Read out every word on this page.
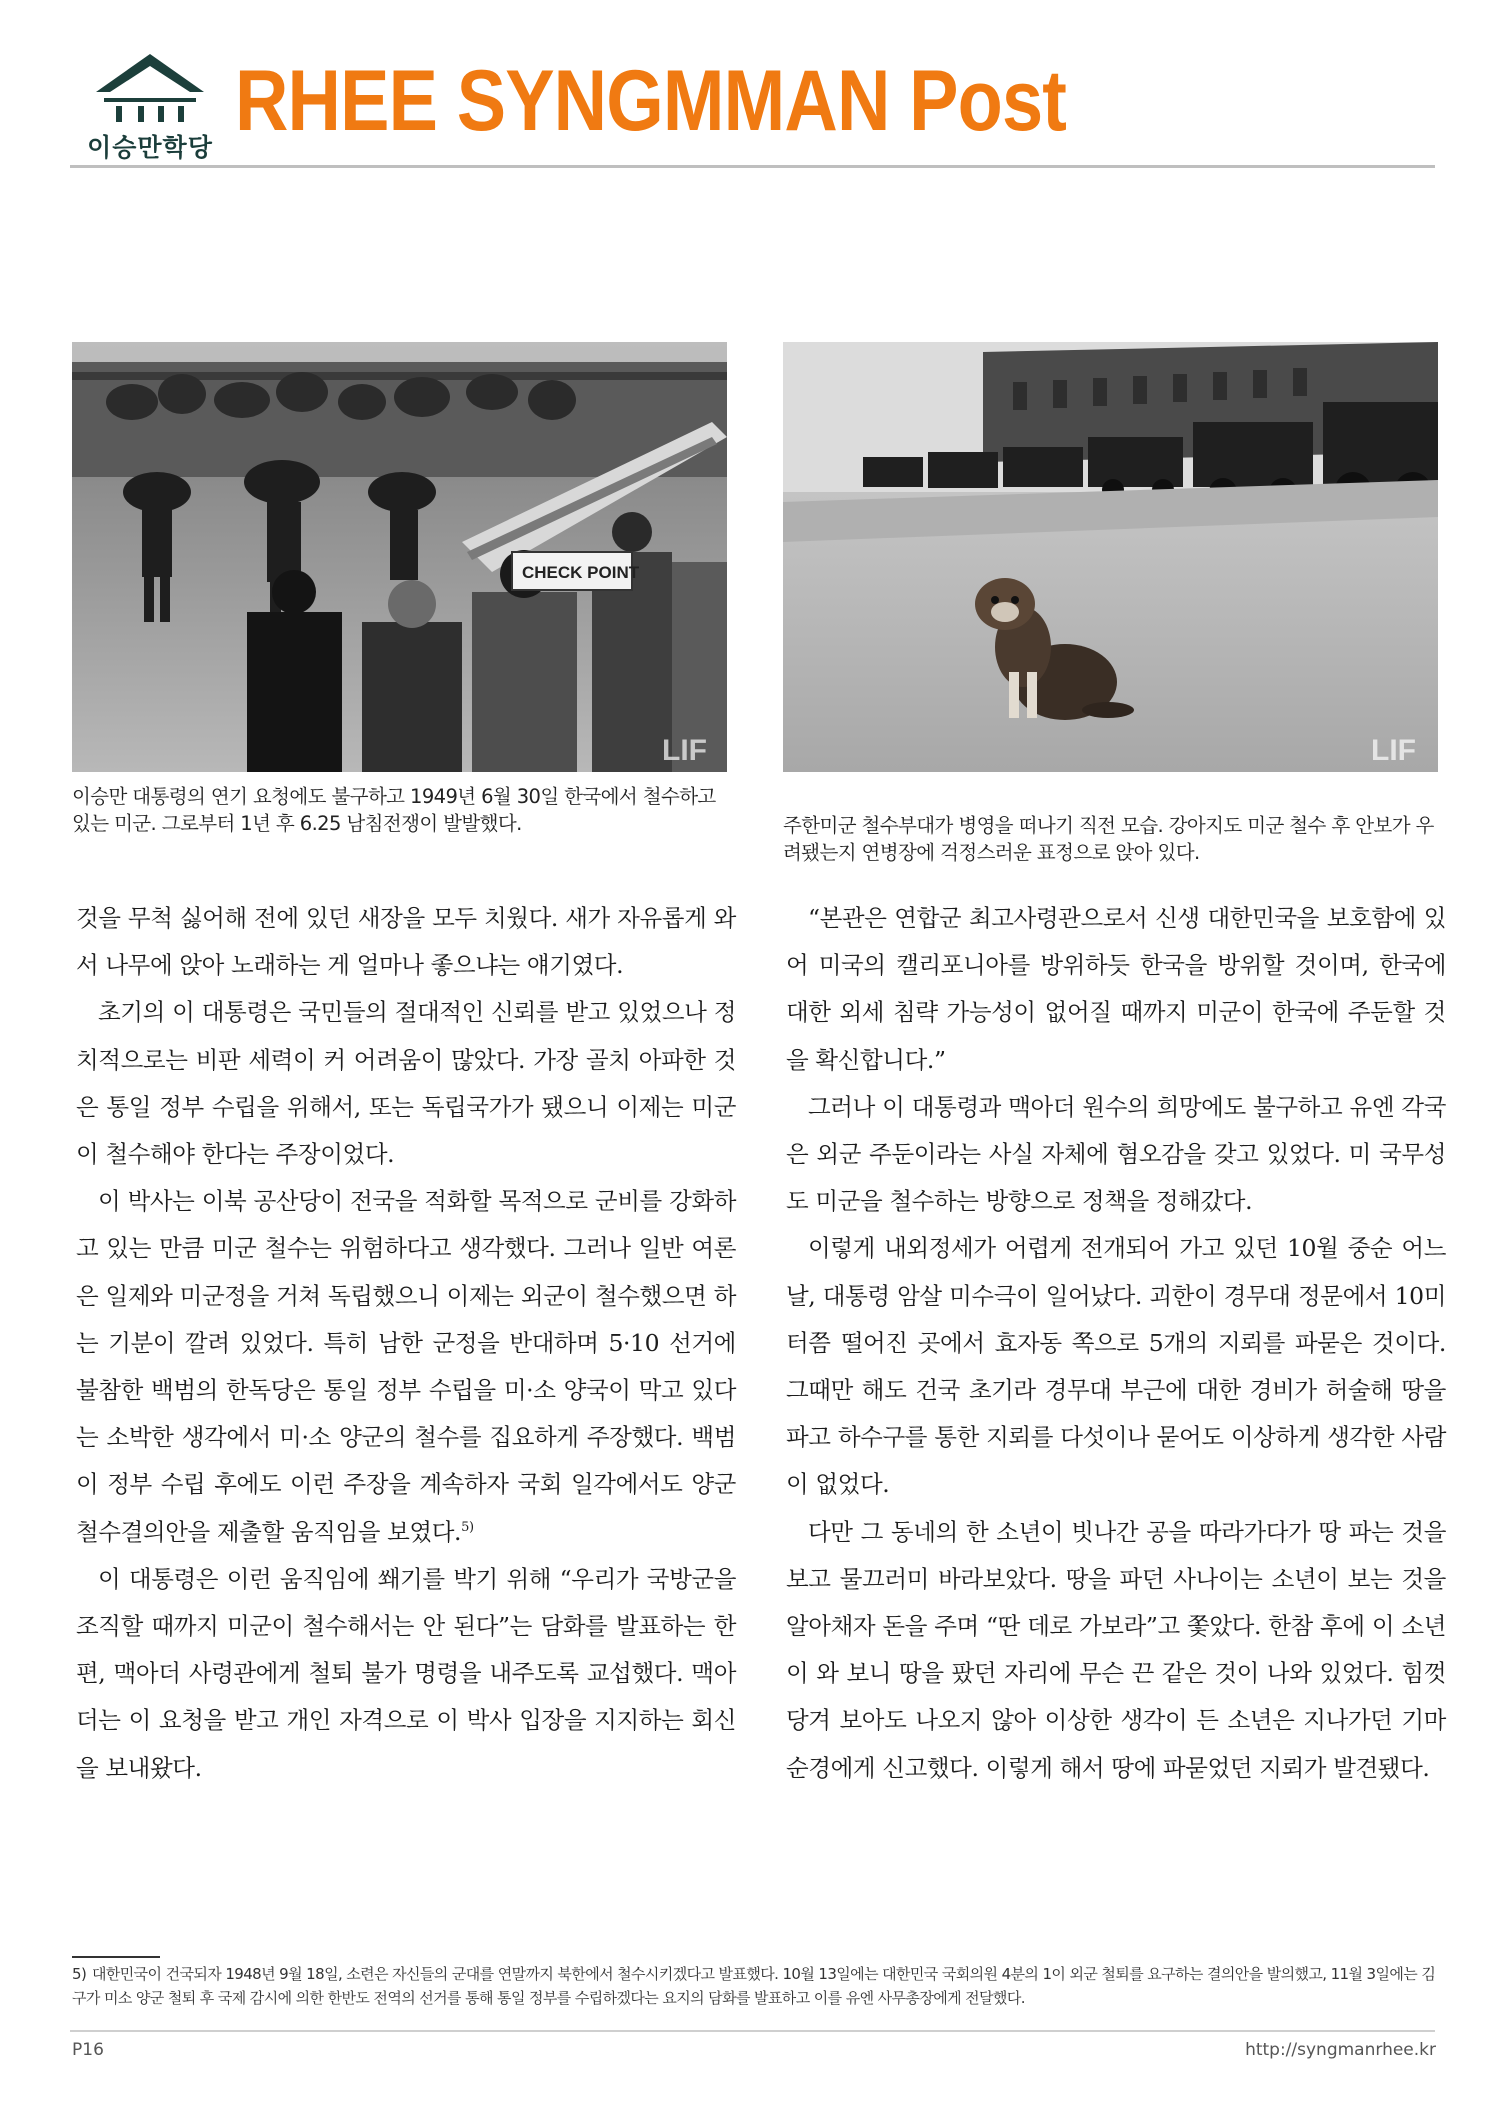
이승만학당 RHEE SYNGMMAN Post
CHECK POINT
LIF	LIF
이승만 대통령의 연기 요청에도 불구하고 1949년 6월 30일 한국에서 철수하고 있는 미군. 그로부터 1년 후 6.25 남침전쟁이 발발했다.	주한미군 철수부대가 병영을 떠나기 직전 모습. 강아지도 미군 철수 후 안보가 우려됐는지 연병장에 걱정스러운 표정으로 앉아 있다.

것을 무척 싫어해 전에 있던 새장을 모두 치웠다. 새가 자유롭게 와서 나무에 앉아 노래하는 게 얼마나 좋으냐는 얘기였다.

초기의 이 대통령은 국민들의 절대적인 신뢰를 받고 있었으나 정치적으로는 비판 세력이 커 어려움이 많았다. 가장 골치 아파한 것은 통일 정부 수립을 위해서, 또는 독립국가가 됐으니 이제는 미군이 철수해야 한다는 주장이었다.

이 박사는 이북 공산당이 전국을 적화할 목적으로 군비를 강화하고 있는 만큼 미군 철수는 위험하다고 생각했다. 그러나 일반 여론은 일제와 미군정을 거쳐 독립했으니 이제는 외군이 철수했으면 하는 기분이 깔려 있었다. 특히 남한 군정을 반대하며 5·10 선거에 불참한 백범의 한독당은 통일 정부 수립을 미·소 양국이 막고 있다는 소박한 생각에서 미·소 양군의 철수를 집요하게 주장했다. 백범이 정부 수립 후에도 이런 주장을 계속하자 국회 일각에서도 양군 철수결의안을 제출할 움직임을 보였다.$^{5)}$

이 대통령은 이런 움직임에 쐐기를 박기 위해 “우리가 국방군을 조직할 때까지 미군이 철수해서는 안 된다”는 담화를 발표하는 한편, 맥아더 사령관에게 철퇴 불가 명령을 내주도록 교섭했다. 맥아더는 이 요청을 받고 개인 자격으로 이 박사 입장을 지지하는 회신을 보내왔다.

“본관은 연합군 최고사령관으로서 신생 대한민국을 보호함에 있어 미국의 캘리포니아를 방위하듯 한국을 방위할 것이며, 한국에 대한 외세 침략 가능성이 없어질 때까지 미군이 한국에 주둔할 것을 확신합니다.”

그러나 이 대통령과 맥아더 원수의 희망에도 불구하고 유엔 각국은 외군 주둔이라는 사실 자체에 혐오감을 갖고 있었다. 미 국무성도 미군을 철수하는 방향으로 정책을 정해갔다.

이렇게 내외정세가 어렵게 전개되어 가고 있던 10월 중순 어느 날, 대통령 암살 미수극이 일어났다. 괴한이 경무대 정문에서 10미터쯤 떨어진 곳에서 효자동 쪽으로 5개의 지뢰를 파묻은 것이다. 그때만 해도 건국 초기라 경무대 부근에 대한 경비가 허술해 땅을 파고 하수구를 통한 지뢰를 다섯이나 묻어도 이상하게 생각한 사람이 없었다.

다만 그 동네의 한 소년이 빗나간 공을 따라가다가 땅 파는 것을 보고 물끄러미 바라보았다. 땅을 파던 사나이는 소년이 보는 것을 알아채자 돈을 주며 “딴 데로 가보라”고 쫓았다. 한참 후에 이 소년이 와 보니 땅을 팠던 자리에 무슨 끈 같은 것이 나와 있었다. 힘껏 당겨 보아도 나오지 않아 이상한 생각이 든 소년은 지나가던 기마순경에게 신고했다. 이렇게 해서 땅에 파묻었던 지뢰가 발견됐다.

5) 대한민국이 건국되자 1948년 9월 18일, 소련은 자신들의 군대를 연말까지 북한에서 철수시키겠다고 발표했다. 10월 13일에는 대한민국 국회의원 4분의 1이 외군 철퇴를 요구하는 결의안을 발의했고, 11월 3일에는 김구가 미소 양군 철퇴 후 국제 감시에 의한 한반도 전역의 선거를 통해 통일 정부를 수립하겠다는 요지의 담화를 발표하고 이를 유엔 사무총장에게 전달했다.
P16	http://syngmanrhee.kr
